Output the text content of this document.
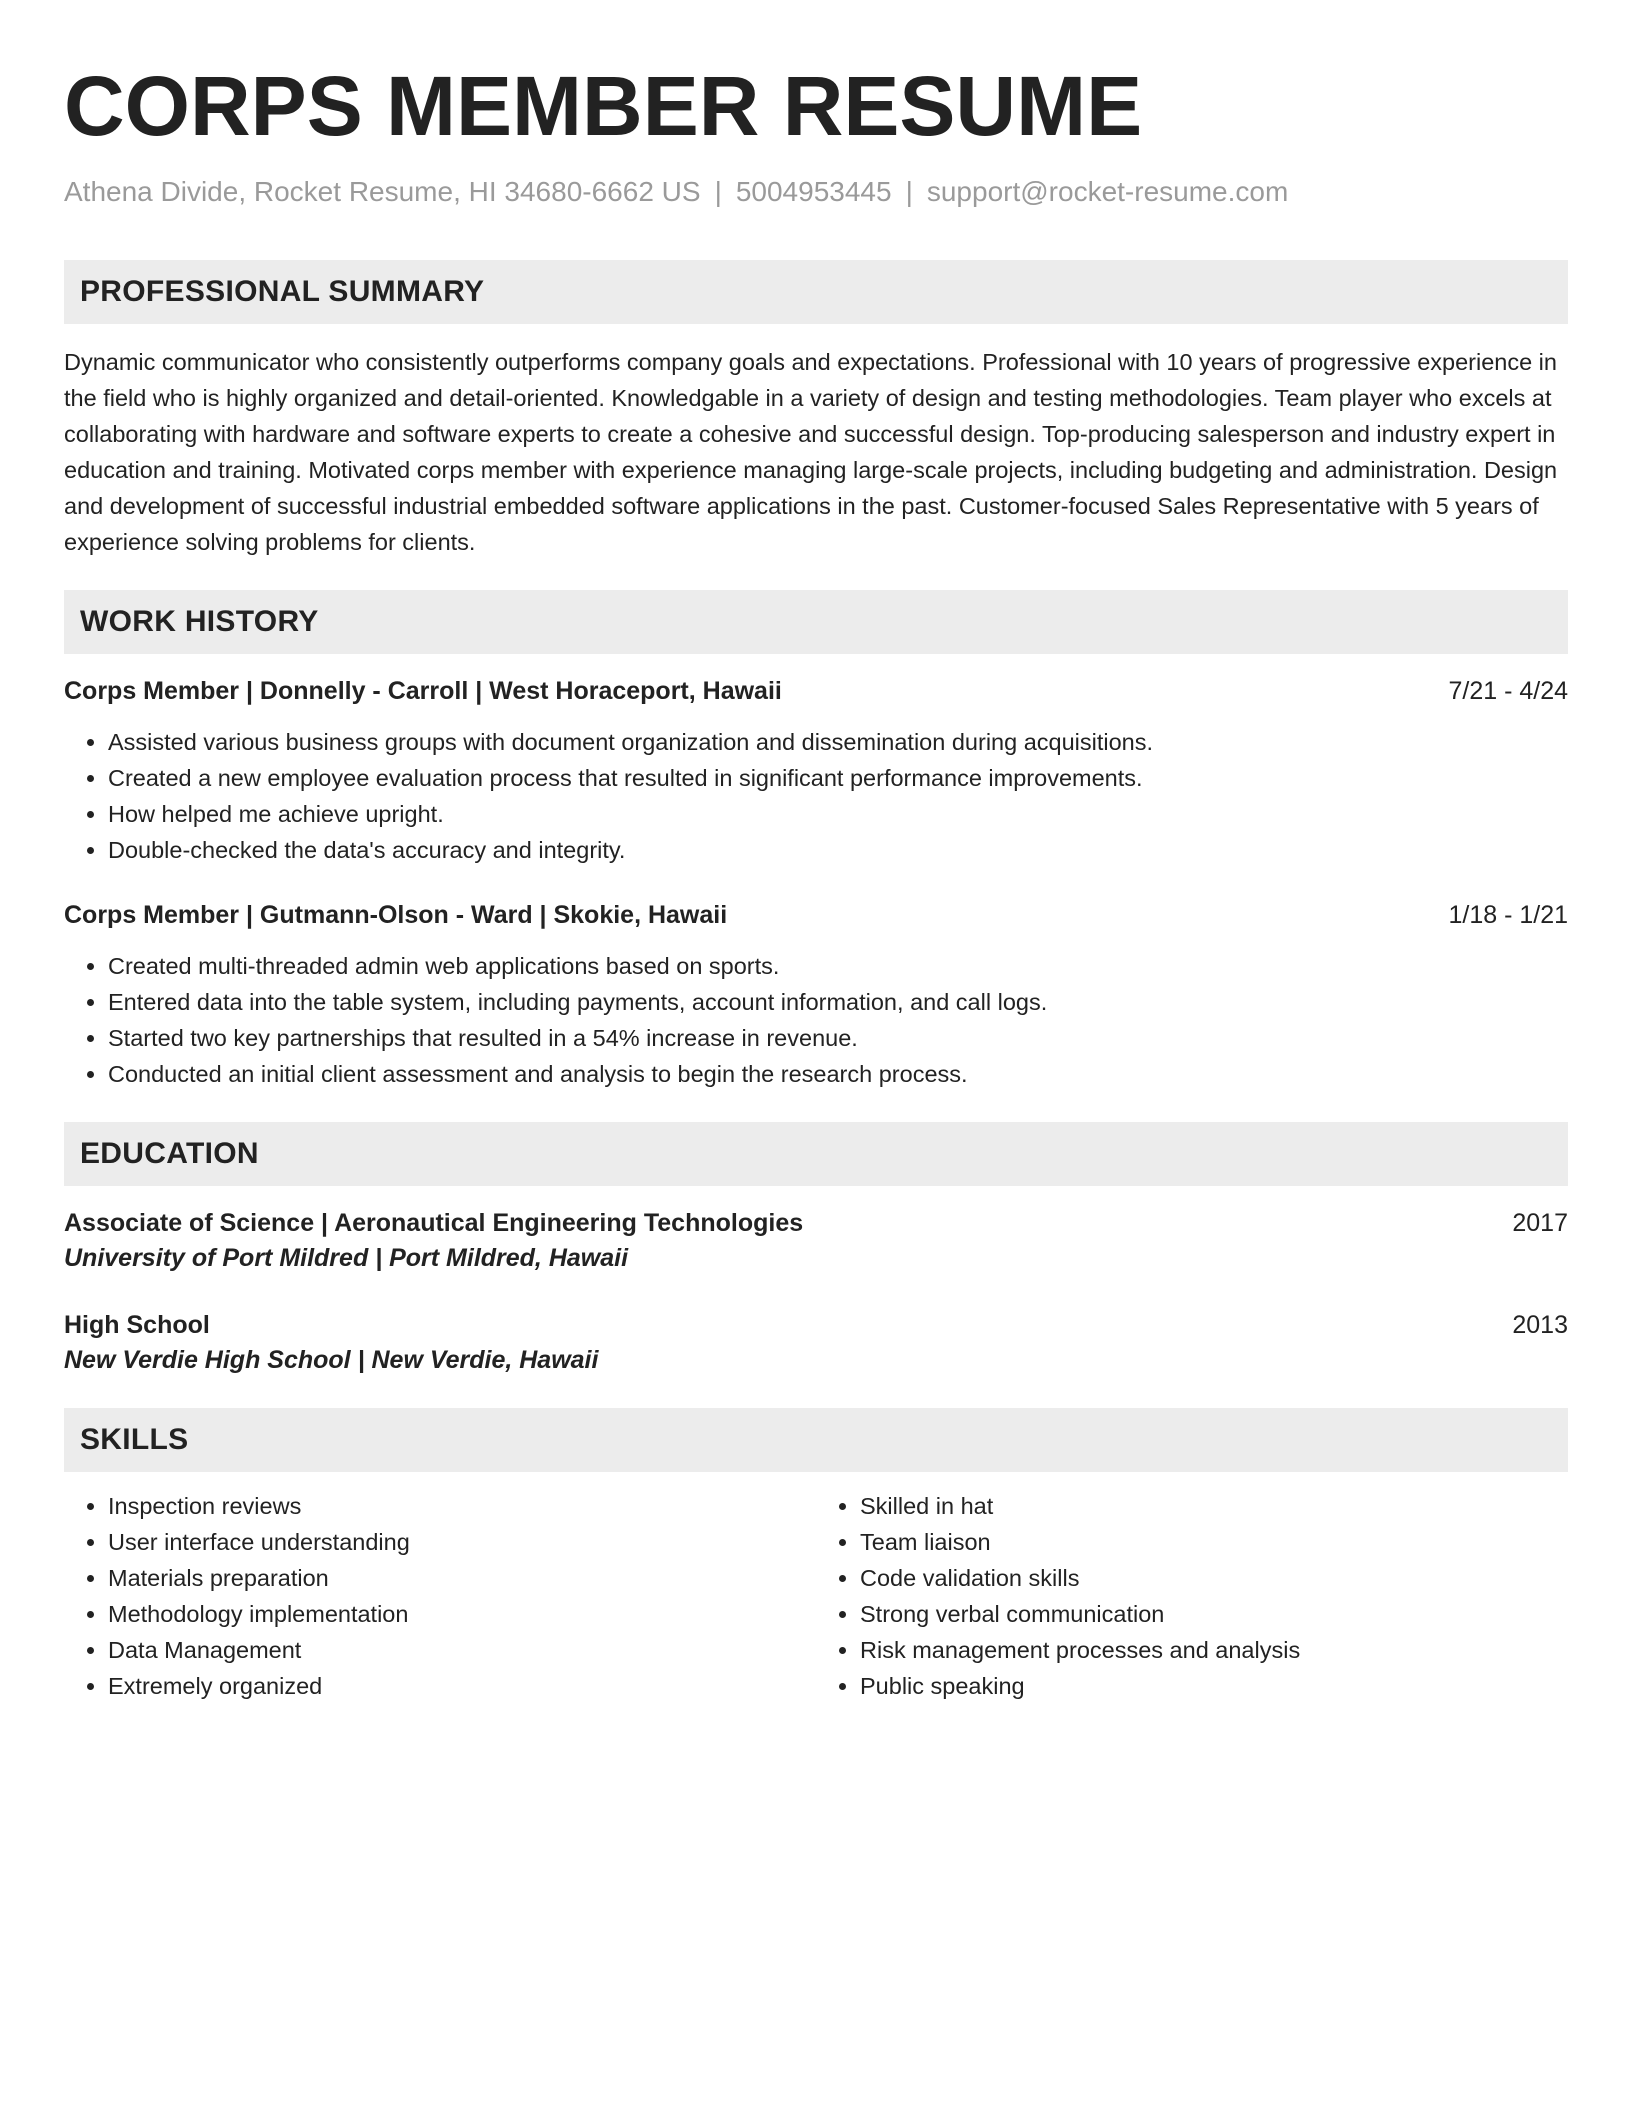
CORPS MEMBER RESUME
Athena Divide, Rocket Resume, HI 34680-6662 US | 5004953445 | support@rocket-resume.com
PROFESSIONAL SUMMARY
Dynamic communicator who consistently outperforms company goals and expectations. Professional with 10 years of progressive experience in the field who is highly organized and detail-oriented. Knowledgable in a variety of design and testing methodologies. Team player who excels at collaborating with hardware and software experts to create a cohesive and successful design. Top-producing salesperson and industry expert in education and training. Motivated corps member with experience managing large-scale projects, including budgeting and administration. Design and development of successful industrial embedded software applications in the past. Customer-focused Sales Representative with 5 years of experience solving problems for clients.
WORK HISTORY
Corps Member | Donnelly - Carroll | West Horaceport, Hawaii	7/21 - 4/24
• Assisted various business groups with document organization and dissemination during acquisitions.
• Created a new employee evaluation process that resulted in significant performance improvements.
• How helped me achieve upright.
• Double-checked the data's accuracy and integrity.
Corps Member | Gutmann-Olson - Ward | Skokie, Hawaii	1/18 - 1/21
• Created multi-threaded admin web applications based on sports.
• Entered data into the table system, including payments, account information, and call logs.
• Started two key partnerships that resulted in a 54% increase in revenue.
• Conducted an initial client assessment and analysis to begin the research process.
EDUCATION
Associate of Science | Aeronautical Engineering Technologies	2017
University of Port Mildred | Port Mildred, Hawaii
High School	2013
New Verdie High School | New Verdie, Hawaii
SKILLS
• Inspection reviews
• User interface understanding
• Materials preparation
• Methodology implementation
• Data Management
• Extremely organized
• Skilled in hat
• Team liaison
• Code validation skills
• Strong verbal communication
• Risk management processes and analysis
• Public speaking
